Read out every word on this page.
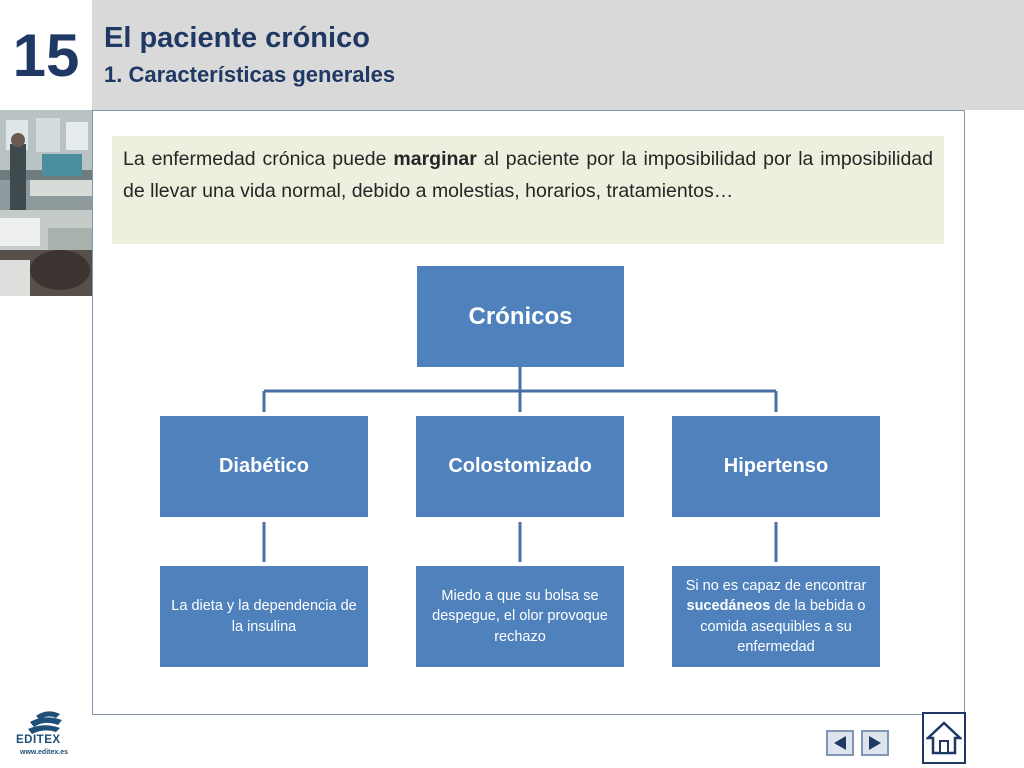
15 El paciente crónico
1. Características generales
La enfermedad crónica puede marginar al paciente por la imposibilidad por la imposibilidad de llevar una vida normal, debido a molestias, horarios, tratamientos…
Crónicos
Diabético	Colostomizado	Hipertenso
La dieta y la dependencia de la insulina
Miedo a que su bolsa se despegue, el olor provoque rechazo
Si no es capaz de encontrar sucedáneos de la bebida o comida asequibles a su enfermedad
EDITEX
www.editex.es
